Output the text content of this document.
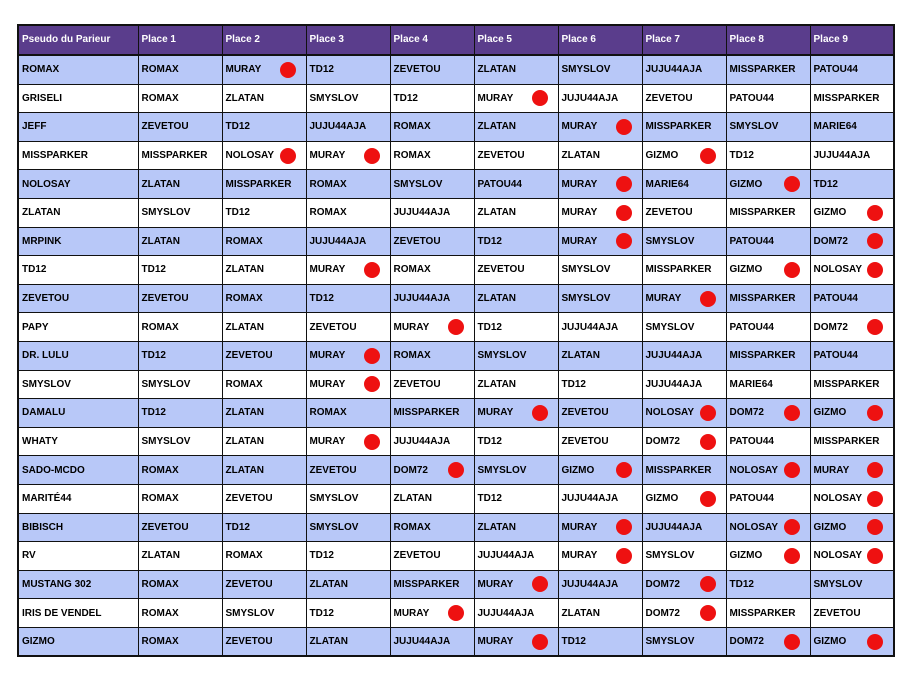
Pseudo du Parieur	Place 1	Place 2	Place 3	Place 4	Place 5	Place 6	Place 7	Place 8	Place 9
ROMAX	ROMAX	MURAY	TD12	ZEVETOU	ZLATAN	SMYSLOV	JUJU44AJA	MISSPARKER	PATOU44
GRISELI	ROMAX	ZLATAN	SMYSLOV	TD12	MURAY	JUJU44AJA	ZEVETOU	PATOU44	MISSPARKER
JEFF	ZEVETOU	TD12	JUJU44AJA	ROMAX	ZLATAN	MURAY	MISSPARKER	SMYSLOV	MARIE64
MISSPARKER	MISSPARKER	NOLOSAY	MURAY	ROMAX	ZEVETOU	ZLATAN	GIZMO	TD12	JUJU44AJA
NOLOSAY	ZLATAN	MISSPARKER	ROMAX	SMYSLOV	PATOU44	MURAY	MARIE64	GIZMO	TD12
ZLATAN	SMYSLOV	TD12	ROMAX	JUJU44AJA	ZLATAN	MURAY	ZEVETOU	MISSPARKER	GIZMO

MRPINK	ZLATAN	ROMAX	JUJU44AJA	ZEVETOU	TD12	MURAY	SMYSLOV	PATOU44	DOM72

TD12	TD12	ZLATAN	MURAY	ROMAX	ZEVETOU	SMYSLOV	MISSPARKER	GIZMO	NOLOSAY

ZEVETOU	ZEVETOU	ROMAX	TD12	JUJU44AJA	ZLATAN	SMYSLOV	MURAY	MISSPARKER	PATOU44
PAPY	ROMAX	ZLATAN	ZEVETOU	MURAY	TD12	JUJU44AJA	SMYSLOV	PATOU44	DOM72

DR. LULU	TD12	ZEVETOU	MURAY	ROMAX	SMYSLOV	ZLATAN	JUJU44AJA	MISSPARKER	PATOU44
SMYSLOV	SMYSLOV	ROMAX	MURAY	ZEVETOU	ZLATAN	TD12	JUJU44AJA	MARIE64	MISSPARKER
DAMALU	TD12	ZLATAN	ROMAX	MISSPARKER	MURAY	ZEVETOU	NOLOSAY	DOM72	GIZMO

WHATY	SMYSLOV	ZLATAN	MURAY	JUJU44AJA	TD12	ZEVETOU	DOM72	PATOU44	MISSPARKER
SADO-MCDO	ROMAX	ZLATAN	ZEVETOU	DOM72	SMYSLOV	GIZMO	MISSPARKER	NOLOSAY	MURAY

MARITÉ44	ROMAX	ZEVETOU	SMYSLOV	ZLATAN	TD12	JUJU44AJA	GIZMO	PATOU44	NOLOSAY

BIBISCH	ZEVETOU	TD12	SMYSLOV	ROMAX	ZLATAN	MURAY	JUJU44AJA	NOLOSAY	GIZMO

RV	ZLATAN	ROMAX	TD12	ZEVETOU	JUJU44AJA	MURAY	SMYSLOV	GIZMO	NOLOSAY

MUSTANG 302	ROMAX	ZEVETOU	ZLATAN	MISSPARKER	MURAY	JUJU44AJA	DOM72	TD12	SMYSLOV
IRIS DE VENDEL	ROMAX	SMYSLOV	TD12	MURAY	JUJU44AJA	ZLATAN	DOM72	MISSPARKER	ZEVETOU
GIZMO	ROMAX	ZEVETOU	ZLATAN	JUJU44AJA	MURAY	TD12	SMYSLOV	DOM72	GIZMO
